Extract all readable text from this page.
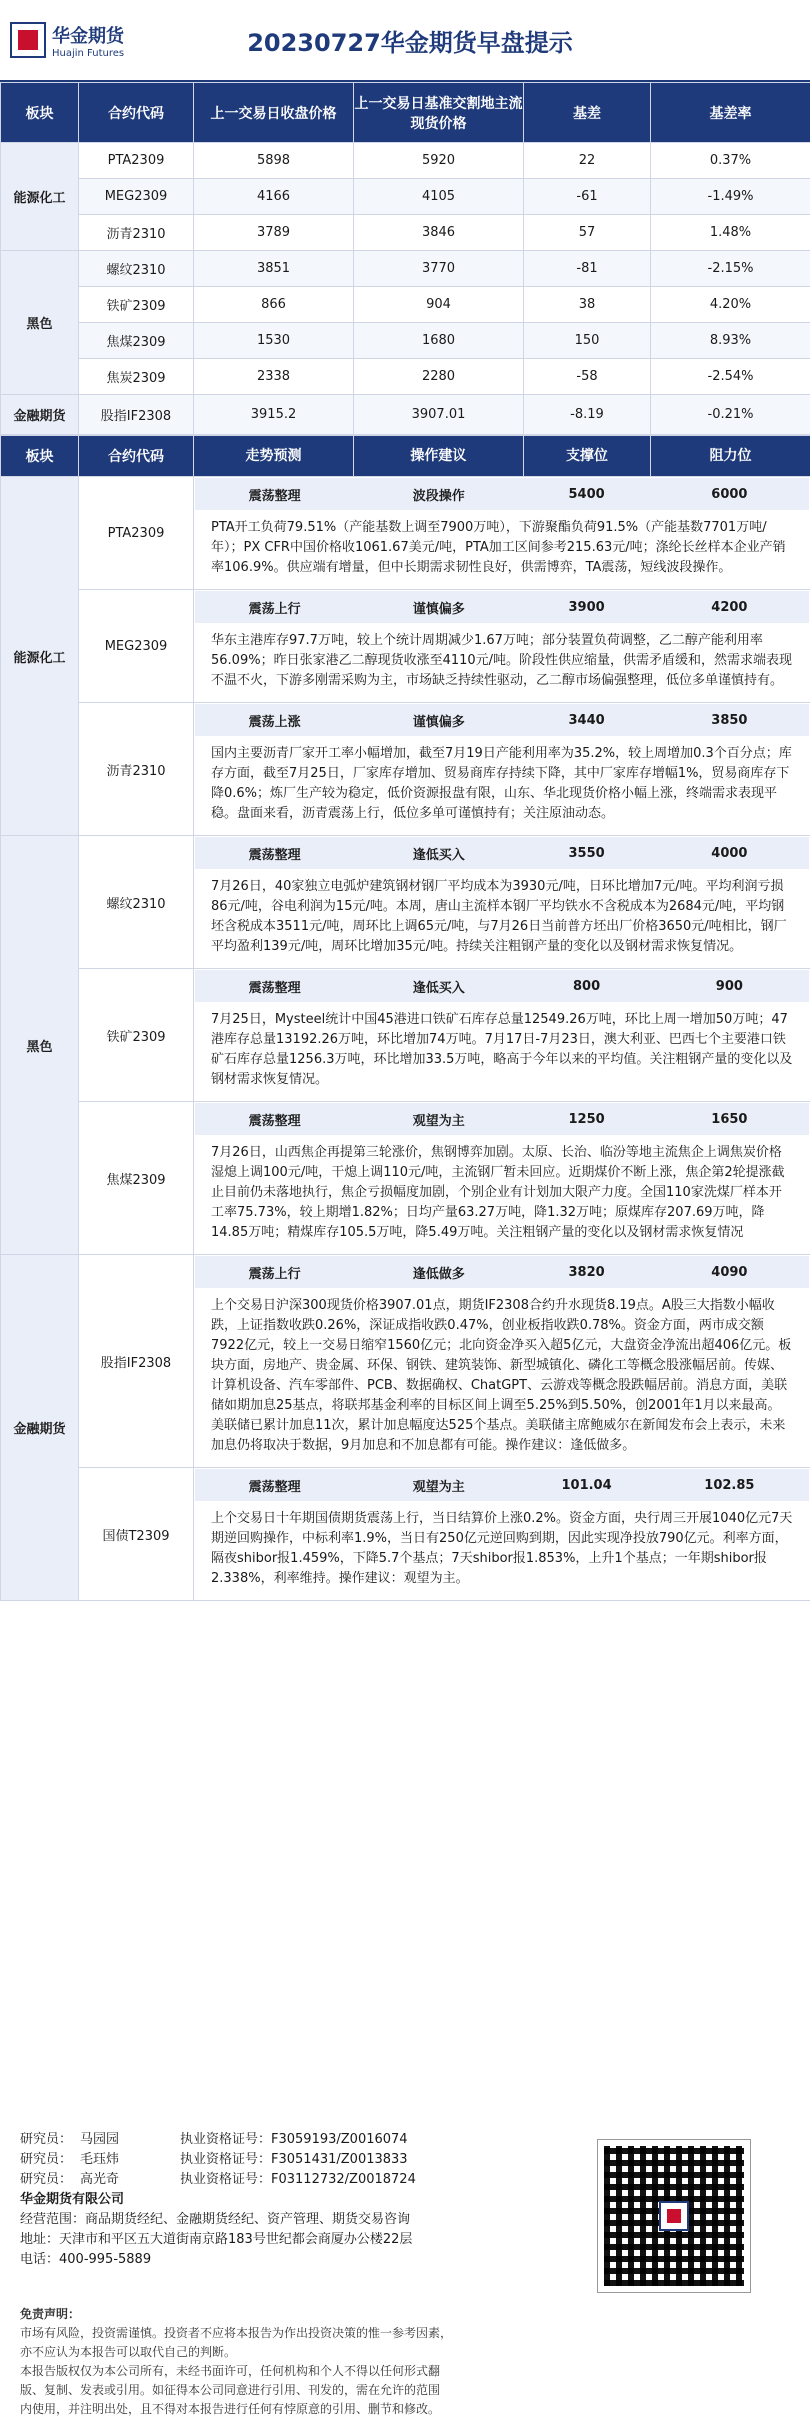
华金期货
Huajin Futures	20230727华金期货早盘提示
板块	合约代码	上一交易日收盘价格	上一交易日基准交割地主流现货价格	基差	基差率
能源化工	PTA2309	5898	5920	22	0.37%
	MEG2309	4166	4105	-61	-1.49%
	沥青2310	3789	3846	57	1.48%
黑色	螺纹2310	3851	3770	-81	-2.15%
	铁矿2309	866	904	38	4.20%
	焦煤2309	1530	1680	150	8.93%
	焦炭2309	2338	2280	-58	-2.54%
金融期货	股指IF2308	3915.2	3907.01	-8.19	-0.21%
板块	合约代码	走势预测 操作建议 支撑位 阻力位

能源化工	PTA2309	震荡整理 波段操作 5400 6000
PTA开工负荷79.51%（产能基数上调至7900万吨），下游聚酯负荷91.5%（产能基数7701万吨/年）；PX CFR中国价格收1061.67美元/吨，PTA加工区间参考215.63元/吨；涤纶长丝样本企业产销率106.9%。供应端有增量，但中长期需求韧性良好，供需博弈，TA震荡，短线波段操作。

	MEG2309	震荡上行 谨慎偏多 3900 4200
华东主港库存97.7万吨，较上个统计周期减少1.67万吨；部分装置负荷调整，乙二醇产能利用率56.09%；昨日张家港乙二醇现货收涨至4110元/吨。阶段性供应缩量，供需矛盾缓和，然需求端表现不温不火，下游多刚需采购为主，市场缺乏持续性驱动，乙二醇市场偏强整理，低位多单谨慎持有。

	沥青2310	震荡上涨 谨慎偏多 3440 3850
国内主要沥青厂家开工率小幅增加，截至7月19日产能利用率为35.2%，较上周增加0.3个百分点；库存方面，截至7月25日，厂家库存增加、贸易商库存持续下降，其中厂家库存增幅1%，贸易商库存下降0.6%；炼厂生产较为稳定，低价资源报盘有限，山东、华北现货价格小幅上涨，终端需求表现平稳。盘面来看，沥青震荡上行，低位多单可谨慎持有；关注原油动态。

黑色	螺纹2310	震荡整理 逢低买入 3550 4000
7月26日，40家独立电弧炉建筑钢材钢厂平均成本为3930元/吨，日环比增加7元/吨。平均利润亏损86元/吨，谷电利润为15元/吨。本周，唐山主流样本钢厂平均铁水不含税成本为2684元/吨，平均钢坯含税成本3511元/吨，周环比上调65元/吨，与7月26日当前普方坯出厂价格3650元/吨相比，钢厂平均盈利139元/吨，周环比增加35元/吨。持续关注粗钢产量的变化以及钢材需求恢复情况。

	铁矿2309	震荡整理 逢低买入 800 900
7月25日，Mysteel统计中国45港进口铁矿石库存总量12549.26万吨，环比上周一增加50万吨；47港库存总量13192.26万吨，环比增加74万吨。7月17日-7月23日，澳大利亚、巴西七个主要港口铁矿石库存总量1256.3万吨，环比增加33.5万吨，略高于今年以来的平均值。关注粗钢产量的变化以及钢材需求恢复情况。

	焦煤2309	震荡整理 观望为主 1250 1650
7月26日，山西焦企再提第三轮涨价，焦钢博弈加剧。太原、长治、临汾等地主流焦企上调焦炭价格湿熄上调100元/吨，干熄上调110元/吨，主流钢厂暂未回应。近期煤价不断上涨，焦企第2轮提涨截止目前仍未落地执行，焦企亏损幅度加剧，个别企业有计划加大限产力度。全国110家洗煤厂样本开工率75.73%，较上期增1.82%；日均产量63.27万吨，降1.32万吨；原煤库存207.69万吨，降14.85万吨；精煤库存105.5万吨，降5.49万吨。关注粗钢产量的变化以及钢材需求恢复情况

金融期货	股指IF2308	震荡上行 逢低做多 3820 4090
上个交易日沪深300现货价格3907.01点，期货IF2308合约升水现货8.19点。A股三大指数小幅收跌，上证指数收跌0.26%，深证成指收跌0.47%，创业板指收跌0.78%。资金方面，两市成交额7922亿元，较上一交易日缩窄1560亿元；北向资金净买入超5亿元，大盘资金净流出超406亿元。板块方面，房地产、贵金属、环保、钢铁、建筑装饰、新型城镇化、磷化工等概念股涨幅居前。传媒、计算机设备、汽车零部件、PCB、数据确权、ChatGPT、云游戏等概念股跌幅居前。消息方面，美联储如期加息25基点，将联邦基金利率的目标区间上调至5.25%到5.50%，创2001年1月以来最高。美联储已累计加息11次，累计加息幅度达525个基点。美联储主席鲍威尔在新闻发布会上表示，未来加息仍将取决于数据，9月加息和不加息都有可能。操作建议：逢低做多。

	国债T2309	震荡整理 观望为主 101.04 102.85
上个交易日十年期国债期货震荡上行，当日结算价上涨0.2%。资金方面，央行周三开展1040亿元7天期逆回购操作，中标利率1.9%，当日有250亿元逆回购到期，因此实现净投放790亿元。利率方面，隔夜shibor报1.459%，下降5.7个基点；7天shibor报1.853%，上升1个基点；一年期shibor报2.338%，利率维持。操作建议：观望为主。
研究员： 马园园	执业资格证号： F3059193/Z0016074
研究员： 毛珏炜	执业资格证号： F3051431/Z0013833
研究员： 高光奇	执业资格证号： F03112732/Z0018724
华金期货有限公司
经营范围：商品期货经纪、金融期货经纪、资产管理、期货交易咨询
地址：天津市和平区五大道街南京路183号世纪都会商厦办公楼22层
电话：400-995-5889
免责声明：
市场有风险，投资需谨慎。投资者不应将本报告为作出投资决策的惟一参考因素，
亦不应认为本报告可以取代自己的判断。
本报告版权仅为本公司所有，未经书面许可，任何机构和个人不得以任何形式翻
版、复制、发表或引用。如征得本公司同意进行引用、刊发的，需在允许的范围
内使用，并注明出处，且不得对本报告进行任何有悖原意的引用、删节和修改。
